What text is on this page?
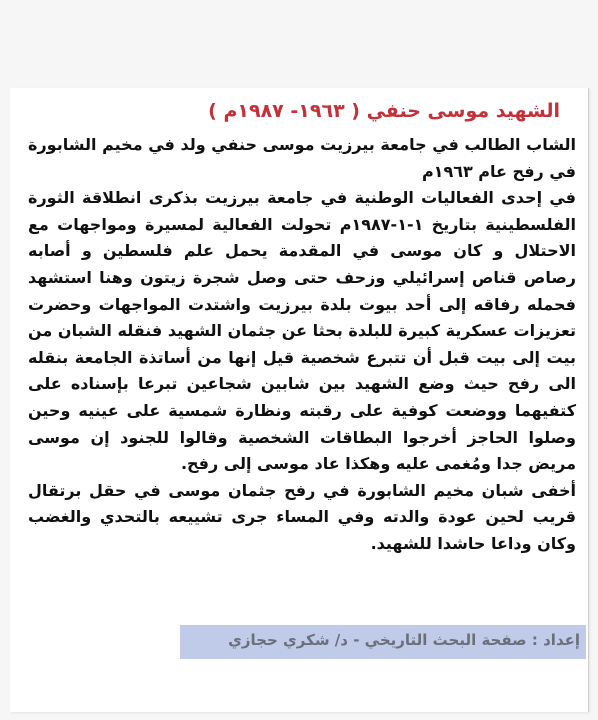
الشهيد موسى حنفي ( ١٩٦٣- ١٩٨٧م )

الشاب الطالب في جامعة بيرزيت موسى حنفي ولد في مخيم الشابورة في رفح عام ١٩٦٣م

في إحدى الفعاليات الوطنية في جامعة بيرزيت بذكرى انطلاقة الثورة الفلسطينية بتاريخ ١-١-١٩٨٧م تحولت الفعالية لمسيرة ومواجهات مع الاحتلال و كان موسى في المقدمة يحمل علم فلسطين و أصابه رصاص قناص إسرائيلي وزحف حتى وصل شجرة زيتون وهنا استشهد فحمله رفاقه إلى أحد بيوت بلدة بيرزيت واشتدت المواجهات وحضرت تعزيزات عسكرية كبيرة للبلدة بحثا عن جثمان الشهيد فنقله الشبان من بيت إلى بيت قبل أن تتبرع شخصية قيل إنها من أساتذة الجامعة بنقله الى رفح حيث وضع الشهيد بين شابين شجاعين تبرعا بإسناده على كتفيهما ووضعت كوفية على رقبته ونظارة شمسية على عينيه وحين وصلوا الحاجز أخرجوا البطاقات الشخصية وقالوا للجنود إن موسى مريض جدا ومُغمى عليه وهكذا عاد موسى إلى رفح.

أخفى شبان مخيم الشابورة في رفح جثمان موسى في حقل برتقال قريب لحين عودة والدته وفي المساء جرى تشييعه بالتحدي والغضب وكان وداعا حاشدا للشهيد.

إعداد : صفحة البحث التاريخي - د/ شكري حجازي
